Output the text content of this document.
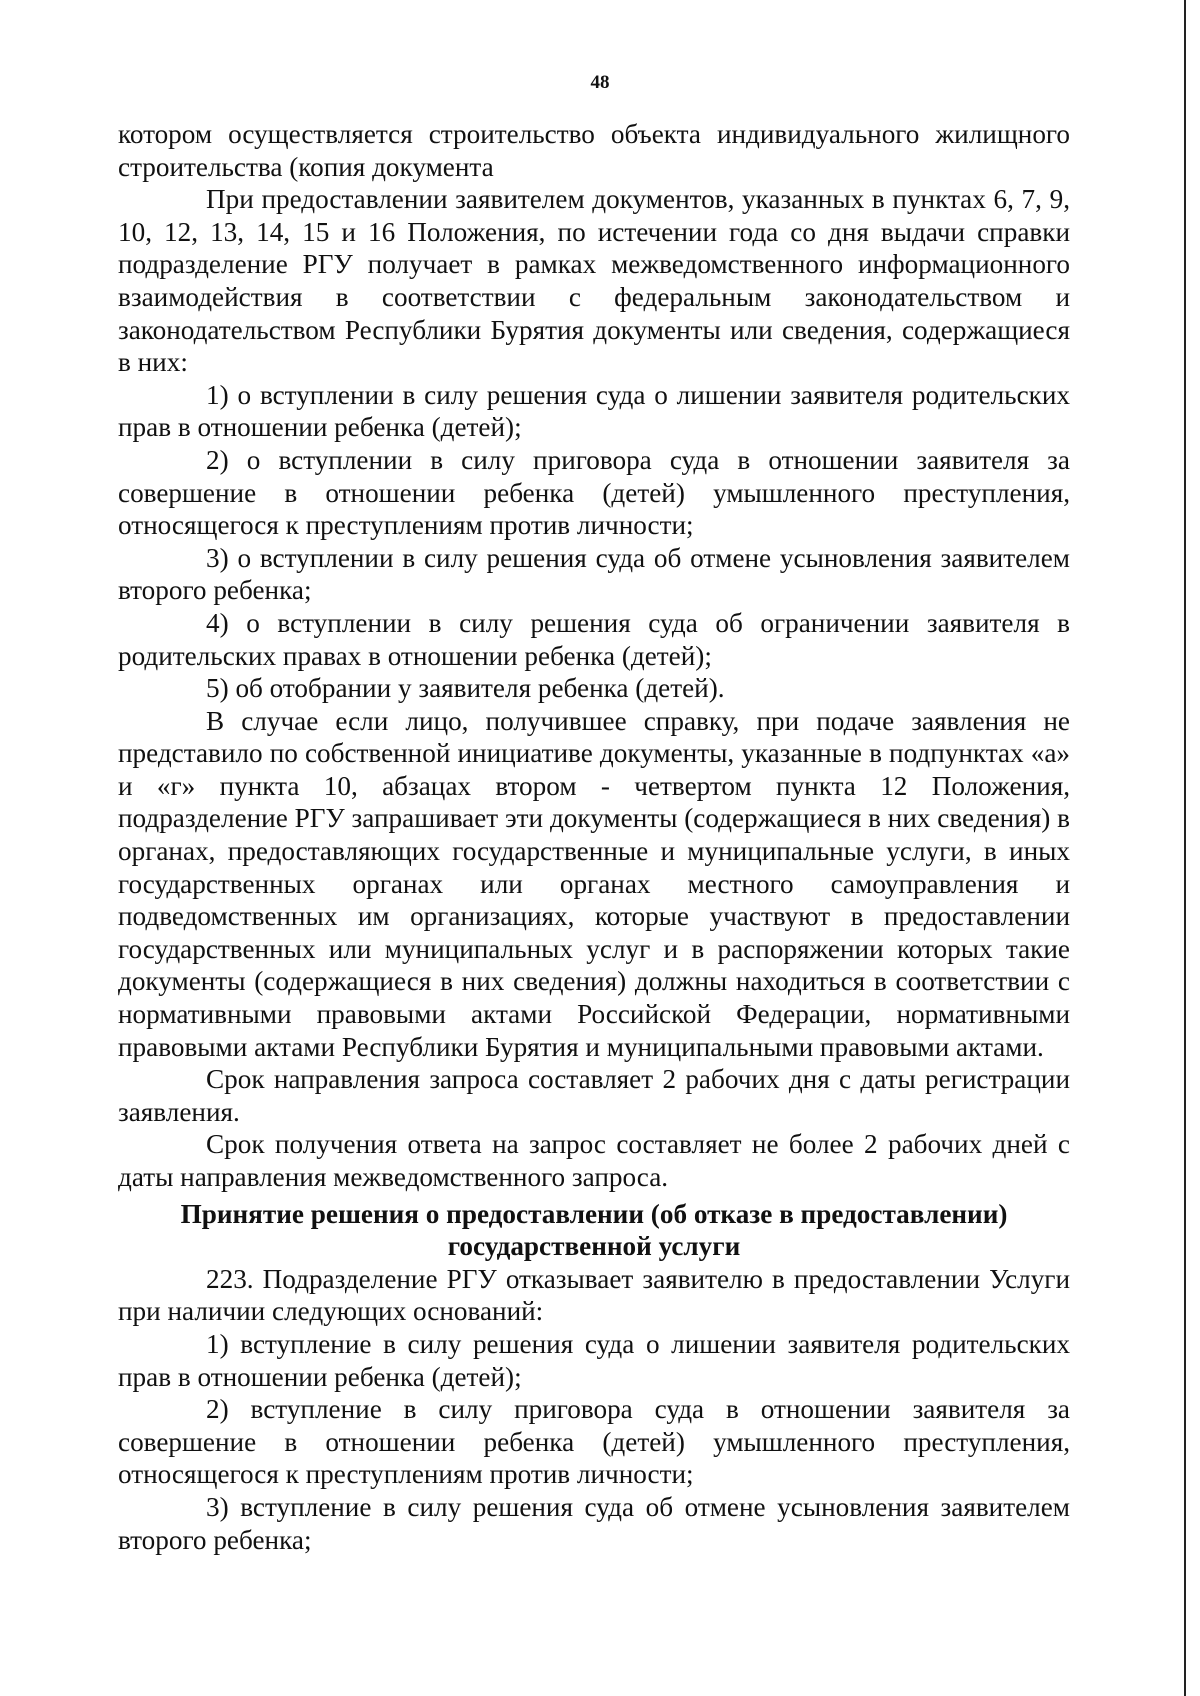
48

котором осуществляется строительство объекта индивидуального жилищного строительства (копия документа

При предоставлении заявителем документов, указанных в пунктах 6, 7, 9, 10, 12, 13, 14, 15 и 16 Положения, по истечении года со дня выдачи справки подразделение РГУ получает в рамках межведомственного информационного взаимодействия в соответствии с федеральным законодательством и законодательством Республики Бурятия документы или сведения, содержащиеся в них:

1) о вступлении в силу решения суда о лишении заявителя родительских прав в отношении ребенка (детей);

2) о вступлении в силу приговора суда в отношении заявителя за совершение в отношении ребенка (детей) умышленного преступления, относящегося к преступлениям против личности;

3) о вступлении в силу решения суда об отмене усыновления заявителем второго ребенка;

4) о вступлении в силу решения суда об ограничении заявителя в родительских правах в отношении ребенка (детей);

5) об отобрании у заявителя ребенка (детей).

В случае если лицо, получившее справку, при подаче заявления не представило по собственной инициативе документы, указанные в подпунктах «а» и «г» пункта 10, абзацах втором - четвертом пункта 12 Положения, подразделение РГУ запрашивает эти документы (содержащиеся в них сведения) в органах, предоставляющих государственные и муниципальные услуги, в иных государственных органах или органах местного самоуправления и подведомственных им организациях, которые участвуют в предоставлении государственных или муниципальных услуг и в распоряжении которых такие документы (содержащиеся в них сведения) должны находиться в соответствии с нормативными правовыми актами Российской Федерации, нормативными правовыми актами Республики Бурятия и муниципальными правовыми актами.

Срок направления запроса составляет 2 рабочих дня с даты регистрации заявления.

Срок получения ответа на запрос составляет не более 2 рабочих дней с даты направления межведомственного запроса.

Принятие решения о предоставлении (об отказе в предоставлении) государственной услуги

223. Подразделение РГУ отказывает заявителю в предоставлении Услуги при наличии следующих оснований:

1) вступление в силу решения суда о лишении заявителя родительских прав в отношении ребенка (детей);

2) вступление в силу приговора суда в отношении заявителя за совершение в отношении ребенка (детей) умышленного преступления, относящегося к преступлениям против личности;

3) вступление в силу решения суда об отмене усыновления заявителем второго ребенка;
